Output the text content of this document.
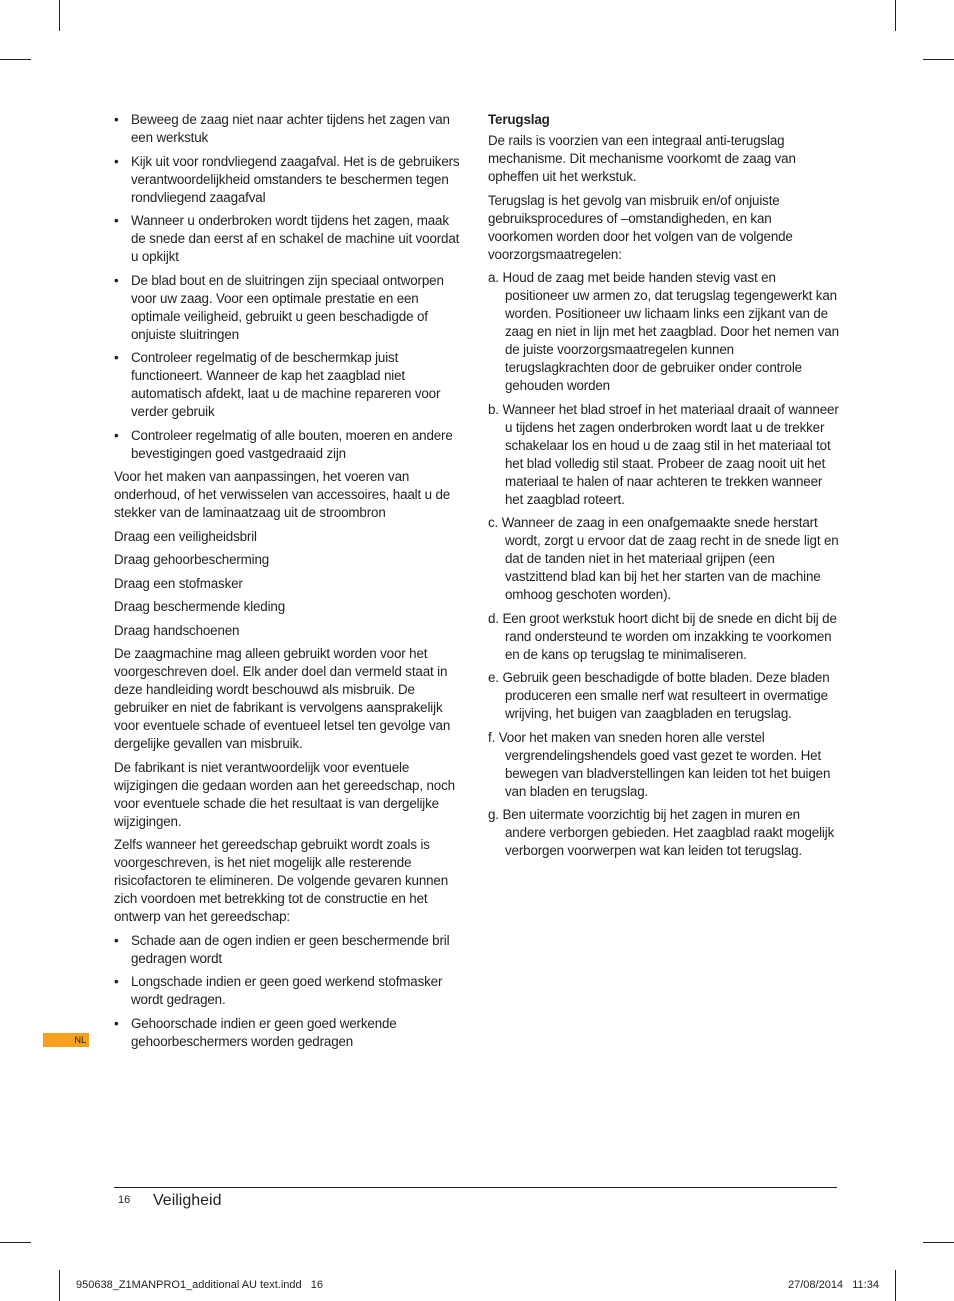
• Beweeg de zaag niet naar achter tijdens het zagen van een werkstuk
• Kijk uit voor rondvliegend zaagafval. Het is de gebruikers verantwoordelijkheid omstanders te beschermen tegen rondvliegend zaagafval
• Wanneer u onderbroken wordt tijdens het zagen, maak de snede dan eerst af en schakel de machine uit voordat u opkijkt
• De blad bout en de sluitringen zijn speciaal ontworpen voor uw zaag. Voor een optimale prestatie en een optimale veiligheid, gebruikt u geen beschadigde of onjuiste sluitringen
• Controleer regelmatig of de beschermkap juist functioneert. Wanneer de kap het zaagblad niet automatisch afdekt, laat u de machine repareren voor verder gebruik
• Controleer regelmatig of alle bouten, moeren en andere bevestigingen goed vastgedraaid zijn

Voor het maken van aanpassingen, het voeren van onderhoud, of het verwisselen van accessoires, haalt u de stekker van de laminaatzaag uit de stroombron

Draag een veiligheidsbril

Draag gehoorbescherming

Draag een stofmasker

Draag beschermende kleding

Draag handschoenen

De zaagmachine mag alleen gebruikt worden voor het voorgeschreven doel. Elk ander doel dan vermeld staat in deze handleiding wordt beschouwd als misbruik. De gebruiker en niet de fabrikant is vervolgens aansprakelijk voor eventuele schade of eventueel letsel ten gevolge van dergelijke gevallen van misbruik.

De fabrikant is niet verantwoordelijk voor eventuele wijzigingen die gedaan worden aan het gereedschap, noch voor eventuele schade die het resultaat is van dergelijke wijzigingen.

Zelfs wanneer het gereedschap gebruikt wordt zoals is voorgeschreven, is het niet mogelijk alle resterende risicofactoren te elimineren. De volgende gevaren kunnen zich voordoen met betrekking tot de constructie en het ontwerp van het gereedschap:

• Schade aan de ogen indien er geen beschermende bril gedragen wordt
• Longschade indien er geen goed werkend stofmasker wordt gedragen.
• Gehoorschade indien er geen goed werkende gehoorbeschermers worden gedragen

Terugslag

De rails is voorzien van een integraal anti-terugslag mechanisme. Dit mechanisme voorkomt de zaag van opheffen uit het werkstuk.

Terugslag is het gevolg van misbruik en/of onjuiste gebruiksprocedures of –omstandigheden, en kan voorkomen worden door het volgen van de volgende voorzorgsmaatregelen:

a. Houd de zaag met beide handen stevig vast en positioneer uw armen zo, dat terugslag tegengewerkt kan worden. Positioneer uw lichaam links een zijkant van de zaag en niet in lijn met het zaagblad. Door het nemen van de juiste voorzorgsmaatregelen kunnen terugslagkrachten door de gebruiker onder controle gehouden worden

b. Wanneer het blad stroef in het materiaal draait of wanneer u tijdens het zagen onderbroken wordt laat u de trekker schakelaar los en houd u de zaag stil in het materiaal tot het blad volledig stil staat. Probeer de zaag nooit uit het materiaal te halen of naar achteren te trekken wanneer het zaagblad roteert.

c. Wanneer de zaag in een onafgemaakte snede herstart wordt, zorgt u ervoor dat de zaag recht in de snede ligt en dat de tanden niet in het materiaal grijpen (een vastzittend blad kan bij het her starten van de machine omhoog geschoten worden).

d. Een groot werkstuk hoort dicht bij de snede en dicht bij de rand ondersteund te worden om inzakking te voorkomen en de kans op terugslag te minimaliseren.

e. Gebruik geen beschadigde of botte bladen. Deze bladen produceren een smalle nerf wat resulteert in overmatige wrijving, het buigen van zaagbladen en terugslag.

f. Voor het maken van sneden horen alle verstel vergrendelingshendels goed vast gezet te worden. Het bewegen van bladverstellingen kan leiden tot het buigen van bladen en terugslag.

g. Ben uitermate voorzichtig bij het zagen in muren en andere verborgen gebieden. Het zaagblad raakt mogelijk verborgen voorwerpen wat kan leiden tot terugslag.

NL
16 Veiligheid
950638_Z1MANPRO1_additional AU text.indd   16	27/08/2014   11:34
